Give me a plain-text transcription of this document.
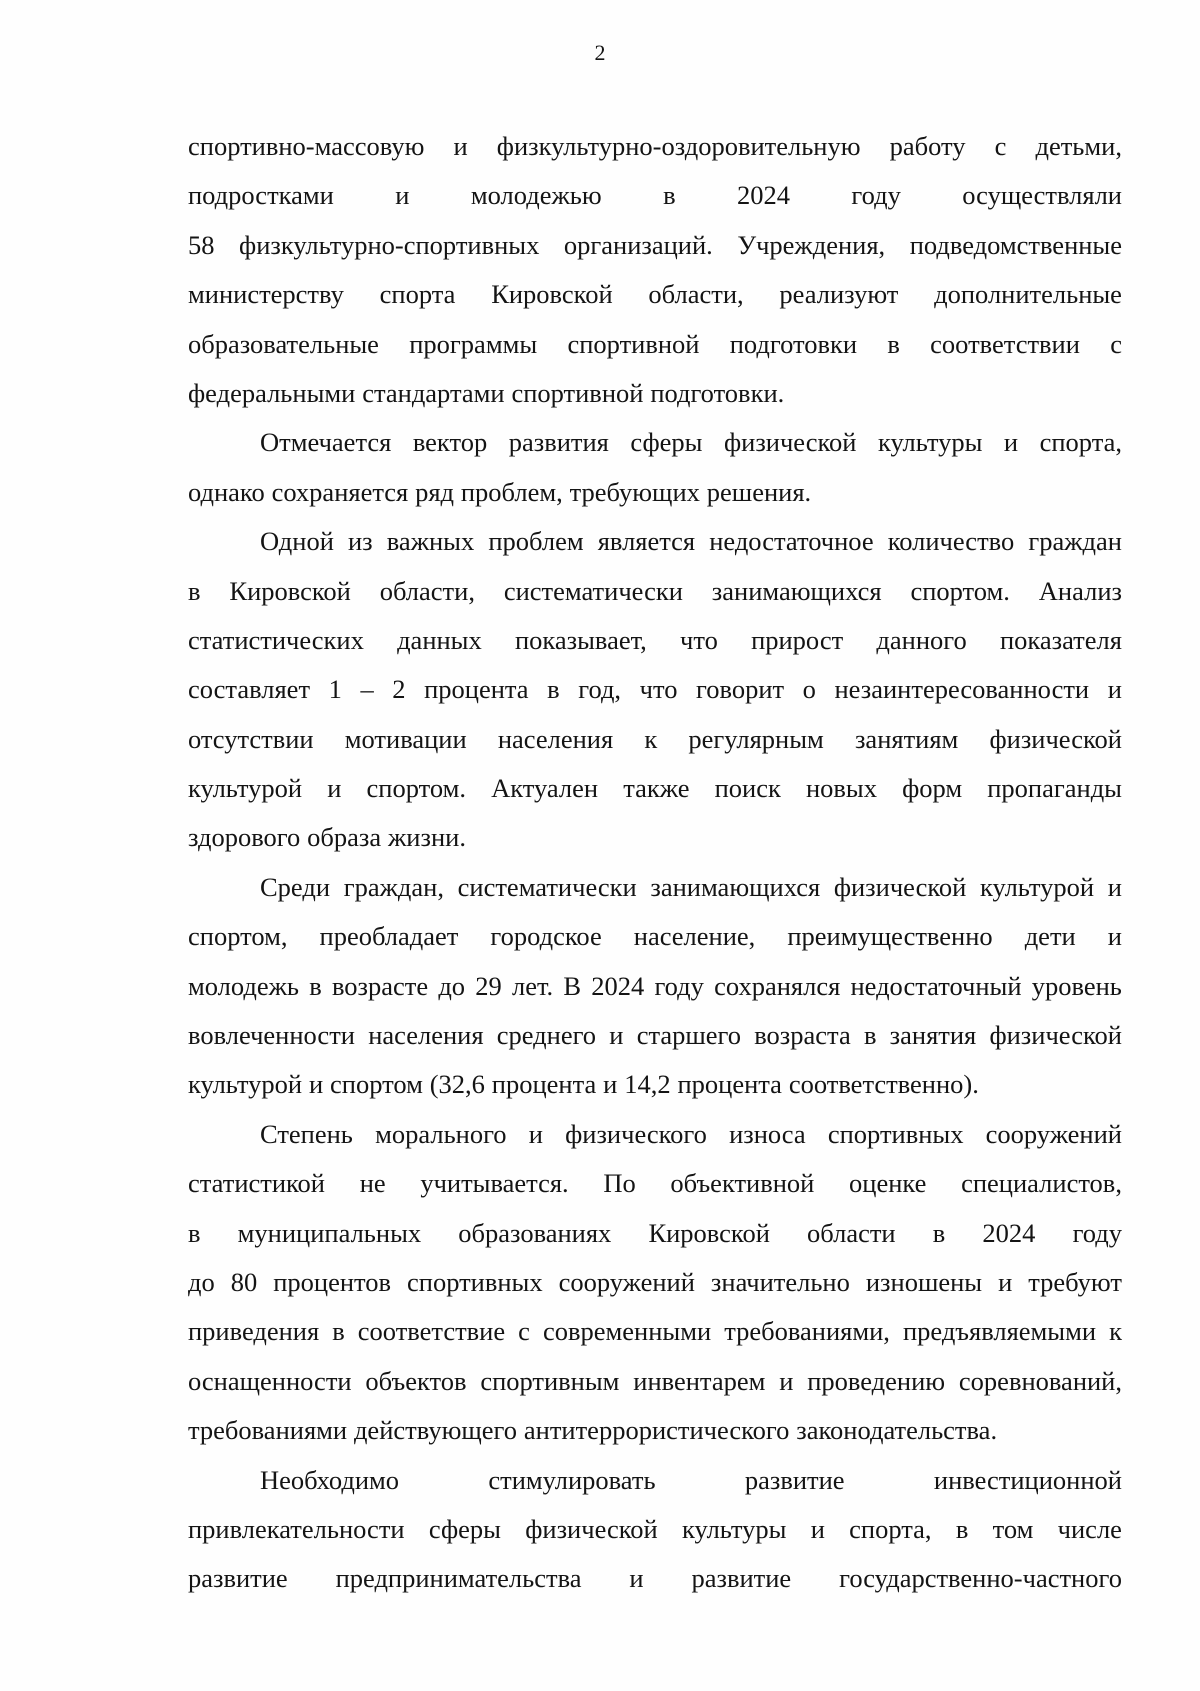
2
спортивно-массовую и физкультурно-оздоровительную работу с детьми,
подростками и молодежью в 2024 году осуществляли
58 физкультурно-спортивных организаций. Учреждения, подведомственные
министерству спорта Кировской области, реализуют дополнительные
образовательные программы спортивной подготовки в соответствии с
федеральными стандартами спортивной подготовки.
Отмечается вектор развития сферы физической культуры и спорта,
однако сохраняется ряд проблем, требующих решения.
Одной из важных проблем является недостаточное количество граждан
в Кировской области, систематически занимающихся спортом. Анализ
статистических данных показывает, что прирост данного показателя
составляет 1 – 2 процента в год, что говорит о незаинтересованности и
отсутствии мотивации населения к регулярным занятиям физической
культурой и спортом. Актуален также поиск новых форм пропаганды
здорового образа жизни.
Среди граждан, систематически занимающихся физической культурой и
спортом, преобладает городское население, преимущественно дети и
молодежь в возрасте до 29 лет. В 2024 году сохранялся недостаточный уровень
вовлеченности населения среднего и старшего возраста в занятия физической
культурой и спортом (32,6 процента и 14,2 процента соответственно).
Степень морального и физического износа спортивных сооружений
статистикой не учитывается. По объективной оценке специалистов,
в муниципальных образованиях Кировской области в 2024 году
до 80 процентов спортивных сооружений значительно изношены и требуют
приведения в соответствие с современными требованиями, предъявляемыми к
оснащенности объектов спортивным инвентарем и проведению соревнований,
требованиями действующего антитеррористического законодательства.
Необходимо	стимулировать	развитие	инвестиционной
привлекательности сферы физической культуры и спорта, в том числе
развитие предпринимательства и развитие государственно-частного
